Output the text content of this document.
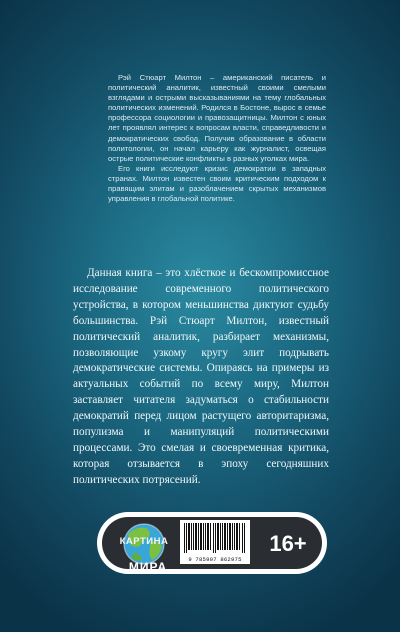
Рэй Стюарт Милтон – американский писатель и политический аналитик, известный своими смелыми взглядами и острыми высказываниями на тему глобальных политических изменений. Родился в Бостоне, вырос в семье профессора социологии и правозащитницы. Милтон с юных лет проявлял интерес к вопросам власти, справедливости и демократических свобод. Получив образование в области политологии, он начал карьеру как журналист, освещая острые политические конфликты в разных уголках мира.

Его книги исследуют кризис демократии в западных странах. Милтон известен своим критическим подходом к правящим элитам и разоблачением скрытых механизмов управления в глобальной политике.

Данная книга – это хлёсткое и бескомпромиссное исследование современного политического устройства, в котором меньшинства диктуют судьбу большинства. Рэй Стюарт Милтон, известный политический аналитик, разбирает механизмы, позволяющие узкому кругу элит подрывать демократические системы. Опираясь на примеры из актуальных событий по всему миру, Милтон заставляет читателя задуматься о стабильности демократий перед лицом растущего авторитаризма, популизма и манипуляций политическими процессами. Это смелая и своевременная критика, которая отзывается в эпоху сегодняшних политических потрясений.

КАРТИНА
МИРА
9 785907 862975
16+
